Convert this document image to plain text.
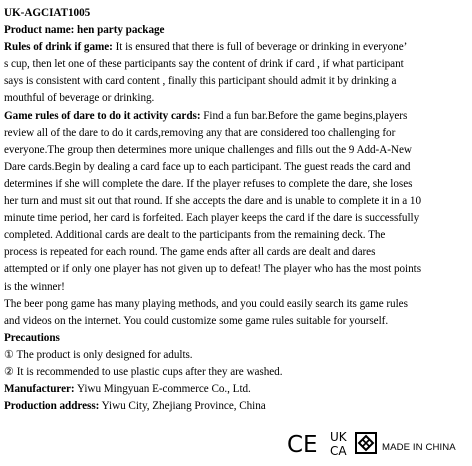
UK-AGCIAT1005

Product name: hen party package

Rules of drink if game: It is ensured that there is full of beverage or drinking in everyone’

s cup, then let one of these participants say the content of drink if card , if what participant

says is consistent with card content , finally this participant should admit it by drinking a

mouthful of beverage or drinking.

Game rules of dare to do it activity cards: Find a fun bar.Before the game begins,players

review all of the dare to do it cards,removing any that are considered too challenging for

everyone.The group then determines more unique challenges and fills out the 9 Add-A-New

Dare cards.Begin by dealing a card face up to each participant. The guest reads the card and

determines if she will complete the dare. If the player refuses to complete the dare, she loses

her turn and must sit out that round. If she accepts the dare and is unable to complete it in a 10

minute time period, her card is forfeited. Each player keeps the card if the dare is successfully

completed. Additional cards are dealt to the participants from the remaining deck. The

process is repeated for each round. The game ends after all cards are dealt and dares

attempted or if only one player has not given up to defeat! The player who has the most points

is the winner!

The beer pong game has many playing methods, and you could easily search its game rules

and videos on the internet. You could customize some game rules suitable for yourself.

Precautions

① The product is only designed for adults.

② It is recommended to use plastic cups after they are washed.

Manufacturer: Yiwu Mingyuan E-commerce Co., Ltd.

Production address: Yiwu City, Zhejiang Province, China

CE UK
CA	MADE IN CHINA
